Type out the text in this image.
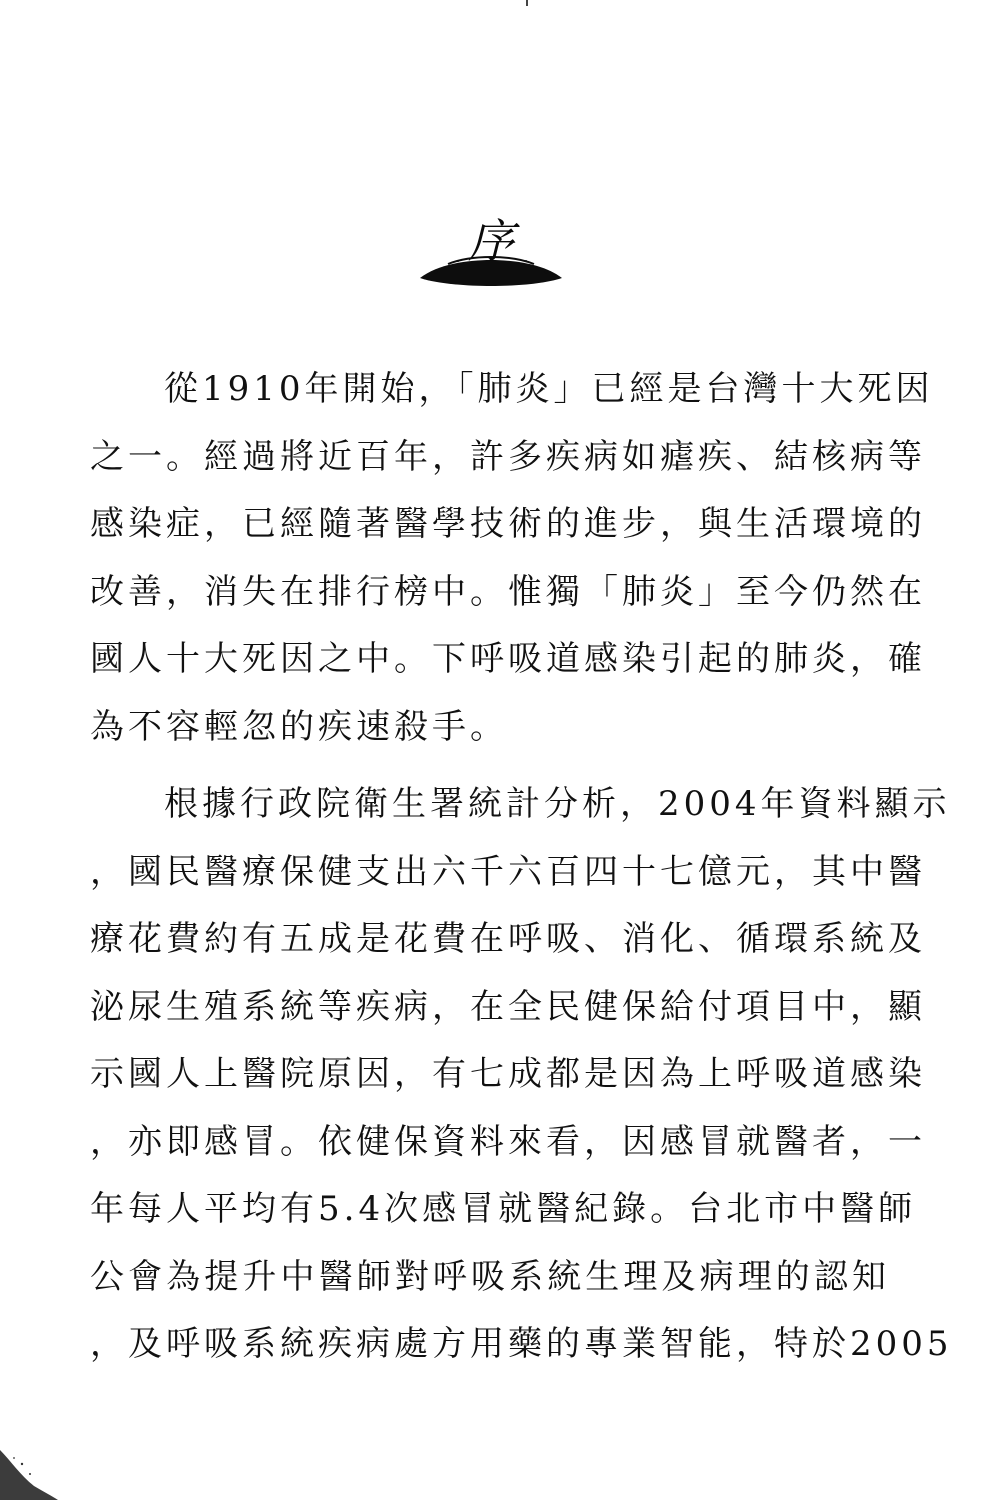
序
從1910年開始，「肺炎」已經是台灣十大死因
之一。經過將近百年，許多疾病如瘧疾、結核病等
感染症，已經隨著醫學技術的進步，與生活環境的
改善，消失在排行榜中。惟獨「肺炎」至今仍然在
國人十大死因之中。下呼吸道感染引起的肺炎，確
為不容輕忽的疾速殺手。
根據行政院衛生署統計分析，2004年資料顯示
，國民醫療保健支出六千六百四十七億元，其中醫
療花費約有五成是花費在呼吸、消化、循環系統及
泌尿生殖系統等疾病，在全民健保給付項目中，顯
示國人上醫院原因，有七成都是因為上呼吸道感染
，亦即感冒。依健保資料來看，因感冒就醫者，一
年每人平均有5.4次感冒就醫紀錄。台北市中醫師
公會為提升中醫師對呼吸系統生理及病理的認知
，及呼吸系統疾病處方用藥的專業智能，特於2005
